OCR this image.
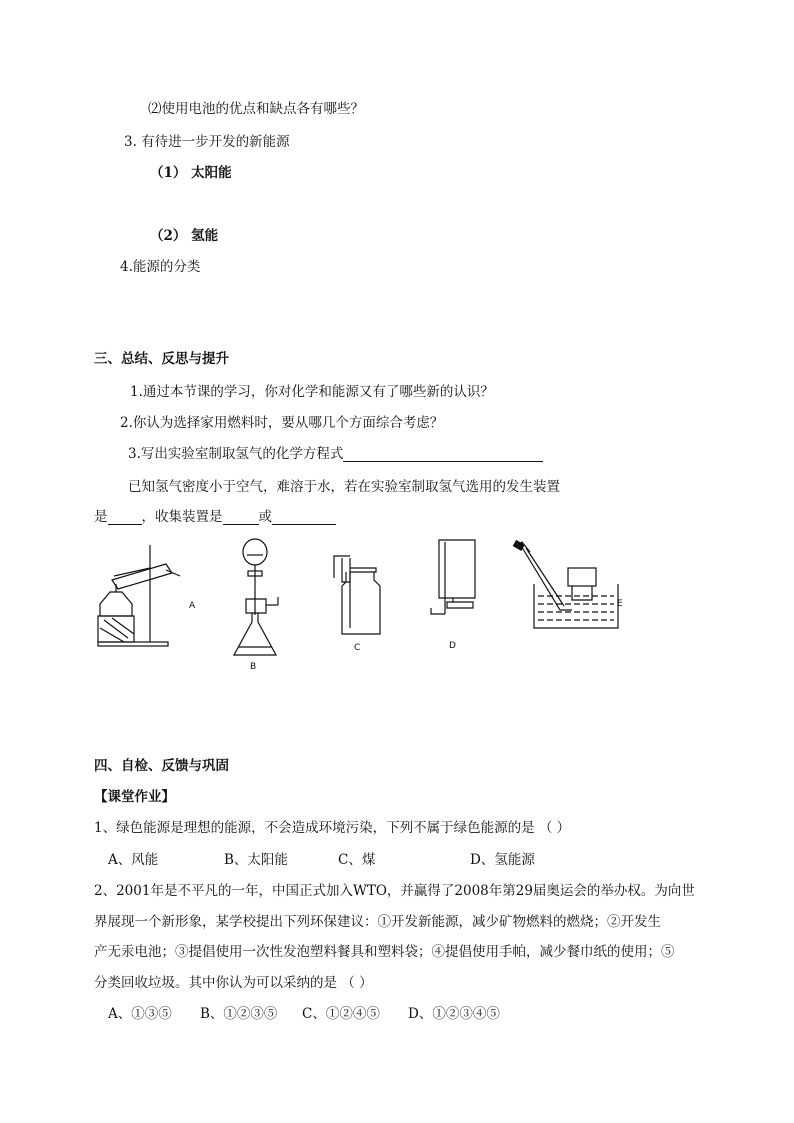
⑵使用电池的优点和缺点各有哪些？
3. 有待进一步开发的新能源
（1） 太阳能
（2） 氢能
4.能源的分类
三、总结、反思与提升
1.通过本节课的学习，你对化学和能源又有了哪些新的认识？
2.你认为选择家用燃料时，要从哪几个方面综合考虑？
3.写出实验室制取氢气的化学方程式
已知氢气密度小于空气，难溶于水，若在实验室制取氢气选用的发生装置
是	，收集装置是	或
A
B
C	D
E
四、自检、反馈与巩固
【课堂作业】
1、绿色能源是理想的能源，不会造成环境污染，下列不属于绿色能源的是 （ ）
A、风能	B、太阳能	C、煤	D、氢能源
2、2001年是不平凡的一年，中国正式加入WTO，并赢得了2008年第29届奥运会的举办权。为向世
界展现一个新形象，某学校提出下列环保建议：①开发新能源，减少矿物燃料的燃烧；②开发生
产无汞电池；③提倡使用一次性发泡塑料餐具和塑料袋；④提倡使用手帕，减少餐巾纸的使用；⑤
分类回收垃圾。其中你认为可以采纳的是 （ ）
A、①③⑤ B、①②③⑤ C、①②④⑤ D、①②③④⑤
